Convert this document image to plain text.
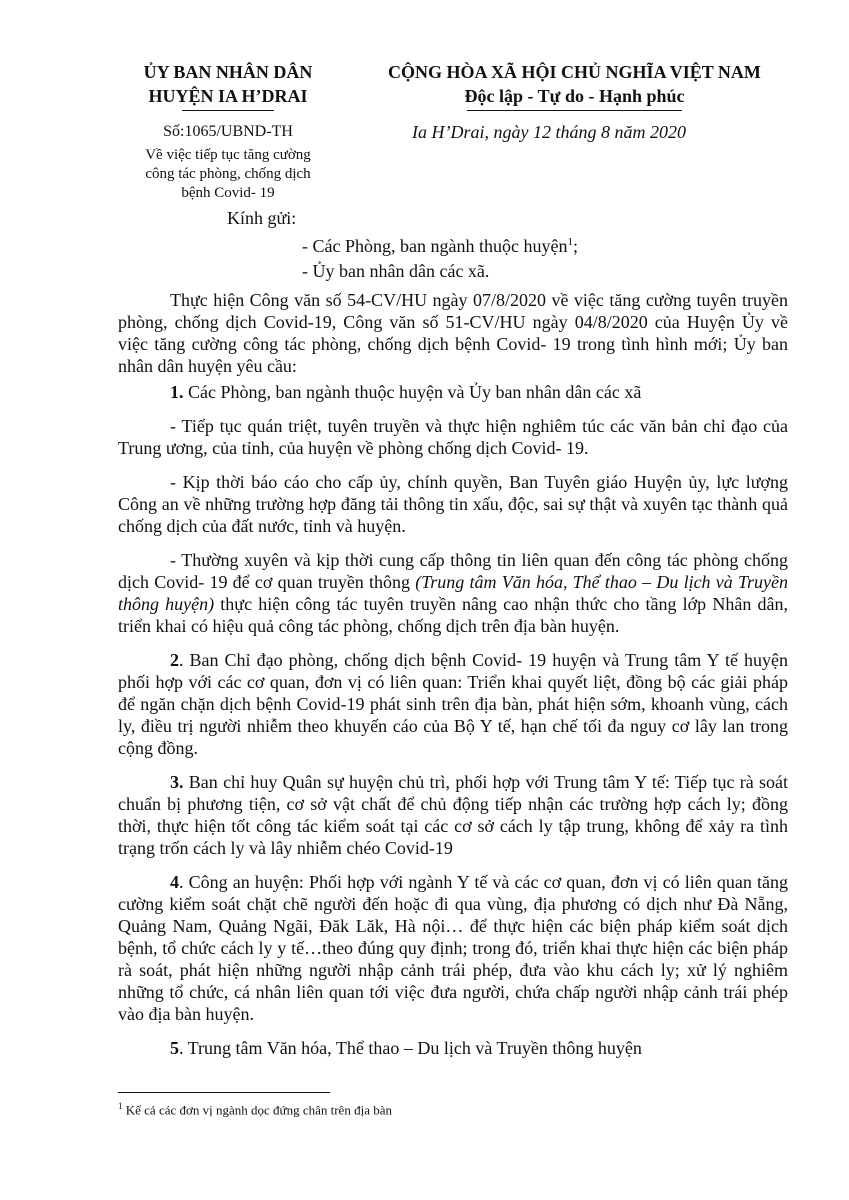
ỦY BAN NHÂN DÂN
HUYỆN IA H’DRAI
CỘNG HÒA XÃ HỘI CHỦ NGHĨA VIỆT NAM
Độc lập - Tự do - Hạnh phúc
Số:1065/UBND-TH
Về việc tiếp tục tăng cường
công tác phòng, chống dịch
bệnh Covid- 19
Ia H’Drai, ngày 12 tháng 8 năm 2020
Kính gửi:
- Các Phòng, ban ngành thuộc huyện$^1$;
- Ủy ban nhân dân các xã.

Thực hiện Công văn số 54-CV/HU ngày 07/8/2020 về việc tăng cường tuyên truyền phòng, chống dịch Covid-19, Công văn số 51-CV/HU ngày 04/8/2020 của Huyện Ủy về việc tăng cường công tác phòng, chống dịch bệnh Covid- 19 trong tình hình mới; Ủy ban nhân dân huyện yêu cầu:

1. Các Phòng, ban ngành thuộc huyện và Ủy ban nhân dân các xã

- Tiếp tục quán triệt, tuyên truyền và thực hiện nghiêm túc các văn bản chỉ đạo của Trung ương, của tỉnh, của huyện về phòng chống dịch Covid- 19.

- Kịp thời báo cáo cho cấp ủy, chính quyền, Ban Tuyên giáo Huyện ủy, lực lượng Công an về những trường hợp đăng tải thông tin xấu, độc, sai sự thật và xuyên tạc thành quả chống dịch của đất nước, tỉnh và huyện.

- Thường xuyên và kịp thời cung cấp thông tin liên quan đến công tác phòng chống dịch Covid- 19 để cơ quan truyền thông (Trung tâm Văn hóa, Thể thao – Du lịch và Truyền thông huyện) thực hiện công tác tuyên truyền nâng cao nhận thức cho tầng lớp Nhân dân, triển khai có hiệu quả công tác phòng, chống dịch trên địa bàn huyện.

2. Ban Chỉ đạo phòng, chống dịch bệnh Covid- 19 huyện và Trung tâm Y tế huyện phối hợp với các cơ quan, đơn vị có liên quan: Triển khai quyết liệt, đồng bộ các giải pháp để ngăn chặn dịch bệnh Covid-19 phát sinh trên địa bàn, phát hiện sớm, khoanh vùng, cách ly, điều trị người nhiễm theo khuyến cáo của Bộ Y tế, hạn chế tối đa nguy cơ lây lan trong cộng đồng.

3. Ban chỉ huy Quân sự huyện chủ trì, phối hợp với Trung tâm Y tế: Tiếp tục rà soát chuẩn bị phương tiện, cơ sở vật chất để chủ động tiếp nhận các trường hợp cách ly; đồng thời, thực hiện tốt công tác kiểm soát tại các cơ sở cách ly tập trung, không để xảy ra tình trạng trốn cách ly và lây nhiễm chéo Covid-19

4. Công an huyện: Phối hợp với ngành Y tế và các cơ quan, đơn vị có liên quan tăng cường kiểm soát chặt chẽ người đến hoặc đi qua vùng, địa phương có dịch như Đà Nẵng, Quảng Nam, Quảng Ngãi, Đăk Lăk, Hà nội… để thực hiện các biện pháp kiểm soát dịch bệnh, tổ chức cách ly y tế…theo đúng quy định; trong đó, triển khai thực hiện các biện pháp rà soát, phát hiện những người nhập cảnh trái phép, đưa vào khu cách ly; xử lý nghiêm những tổ chức, cá nhân liên quan tới việc đưa người, chứa chấp người nhập cảnh trái phép vào địa bàn huyện.

5. Trung tâm Văn hóa, Thể thao – Du lịch và Truyền thông huyện

$^1$ Kể cả các đơn vị ngành dọc đứng chân trên địa bàn
